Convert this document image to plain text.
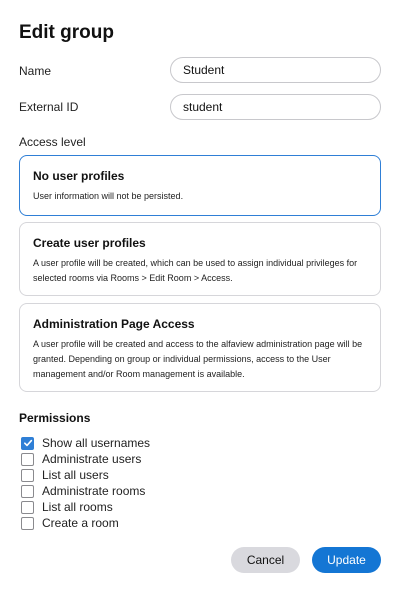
Edit group
Name
Student
External ID
student
Access level
No user profiles
User information will not be persisted.
Create user profiles
A user profile will be created, which can be used to assign individual privileges for selected rooms via Rooms > Edit Room > Access.
Administration Page Access
A user profile will be created and access to the alfaview administration page will be granted. Depending on group or individual permissions, access to the User management and/or Room management is available.
Permissions
Show all usernames
Administrate users
List all users
Administrate rooms
List all rooms
Create a room
Cancel	Update
